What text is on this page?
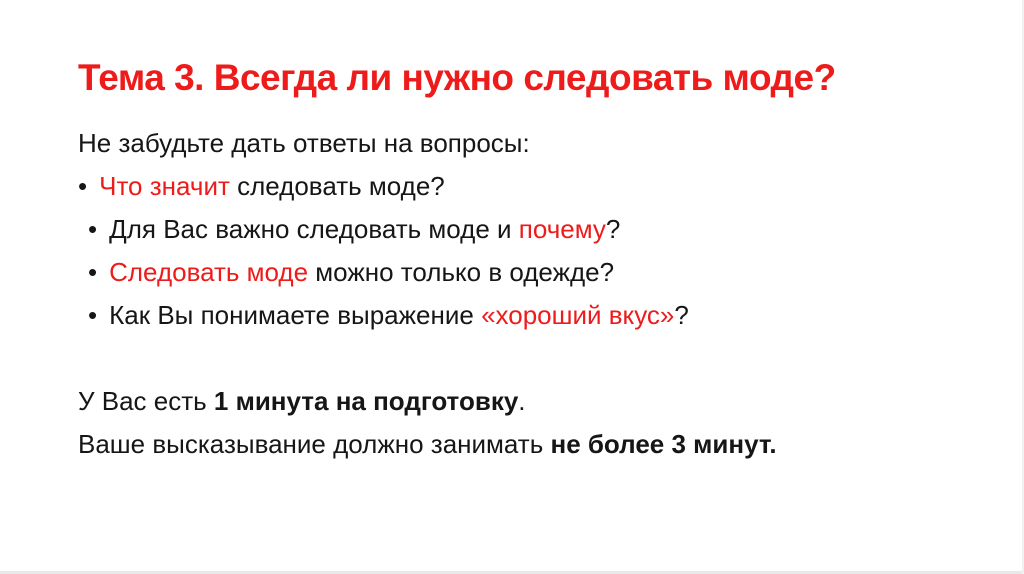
Тема 3. Всегда ли нужно следовать моде?
Не забудьте дать ответы на вопросы:
• Что значит следовать моде?
• Для Вас важно следовать моде и почему?
• Следовать моде можно только в одежде?
• Как Вы понимаете выражение «хороший вкус»?
У Вас есть 1 минута на подготовку.
Ваше высказывание должно занимать не более 3 минут.
